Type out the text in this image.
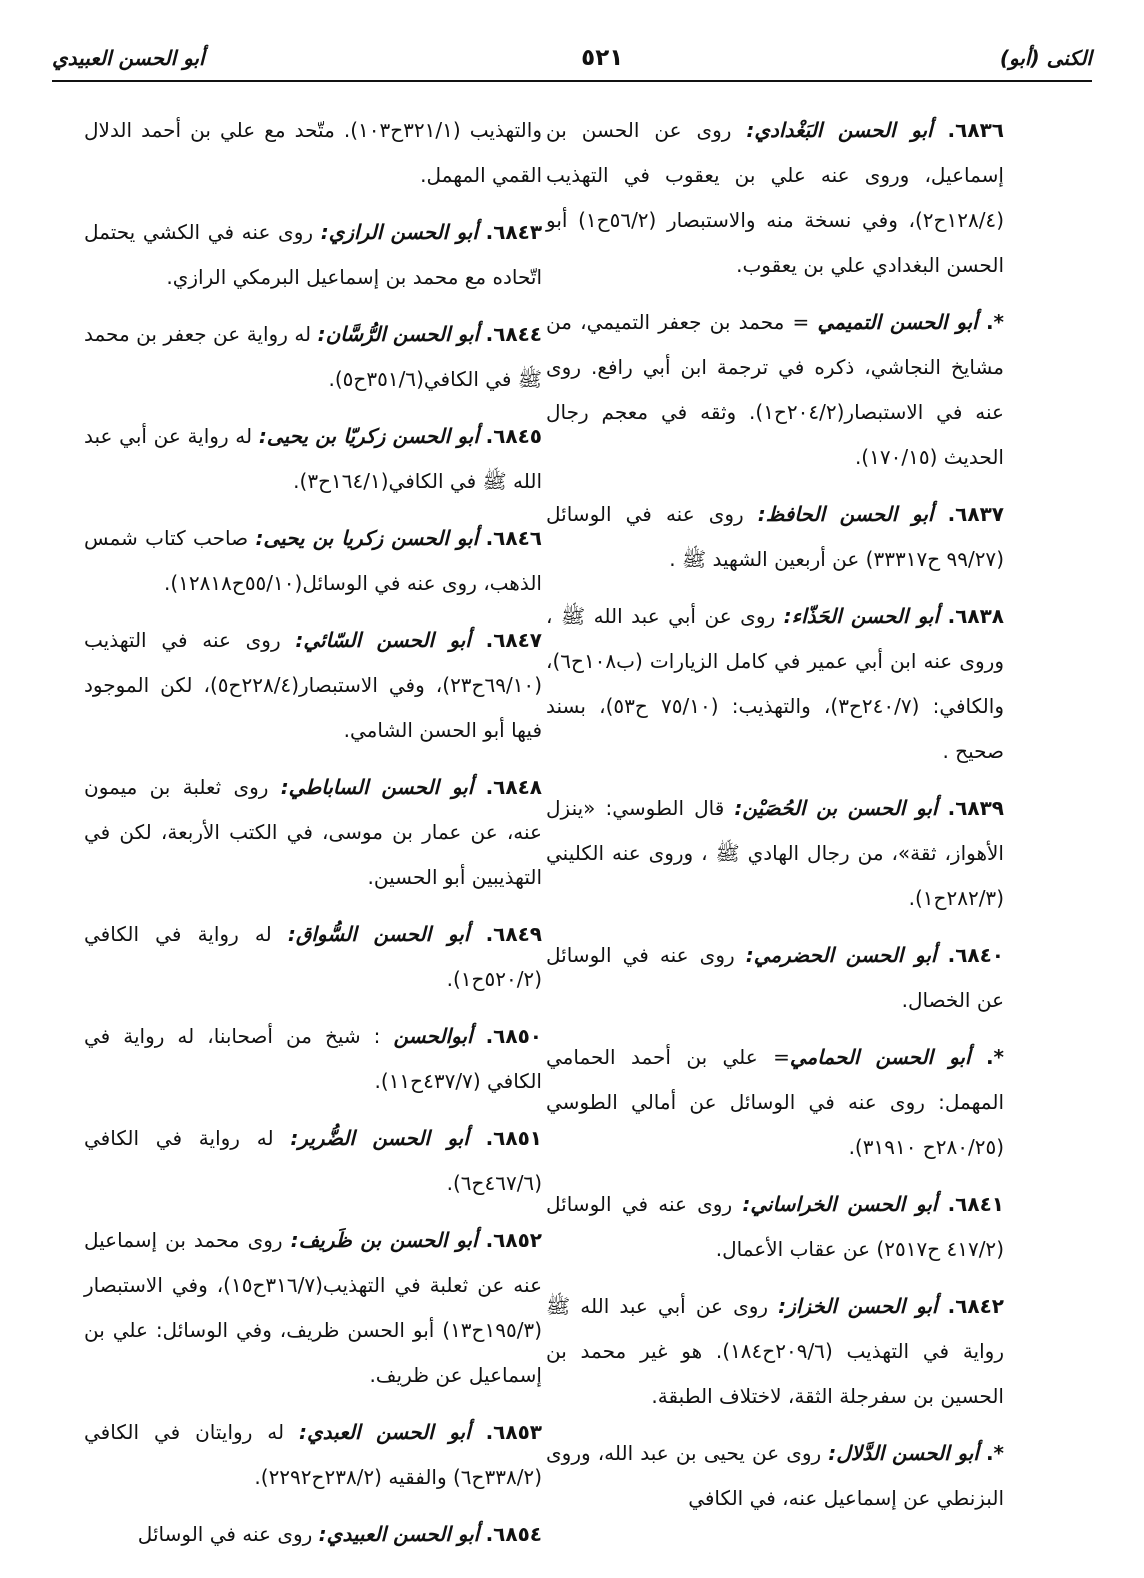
الكنى (أبو)
٥٢١
أبو الحسن العبيدي

٦٨٣٦. أبو الحسن البَغْدادي: روى عن الحسن بن إسماعيل، وروى عنه علي بن يعقوب في التهذيب (١٢٨/٤ح٢)، وفي نسخة منه والاستبصار (٥٦/٢ح١) أبو الحسن البغدادي علي بن يعقوب.

*. أبو الحسن التميمي = محمد بن جعفر التميمي، من مشايخ النجاشي، ذكره في ترجمة ابن أبي رافع. روى عنه في الاستبصار(٢٠٤/٢ح١). وثقه في معجم رجال الحديث (١٧٠/١٥).

٦٨٣٧. أبو الحسن الحافظ: روى عنه في الوسائل (٩٩/٢٧ ح٣٣٣١٧) عن أربعين الشهيد ﷺ .

٦٨٣٨. أبو الحسن الحَذّاء: روى عن أبي عبد الله ﷺ ، وروى عنه ابن أبي عمير في كامل الزيارات (ب١٠٨ح٦)، والكافي: (٢٤٠/٧ح٣)، والتهذيب: (٧٥/١٠ ح٥٣)، بسند صحيح .

٦٨٣٩. أبو الحسن بن الحُصَيْن: قال الطوسي: «ينزل الأهواز، ثقة»، من رجال الهادي ﷺ ، وروى عنه الكليني (٢٨٢/٣ح١).

٦٨٤٠. أبو الحسن الحضرمي: روى عنه في الوسائل عن الخصال.

*. أبو الحسن الحمامي= علي بن أحمد الحمامي المهمل: روى عنه في الوسائل عن أمالي الطوسي (٢٨٠/٢٥ح ٣١٩١٠).

٦٨٤١. أبو الحسن الخراساني: روى عنه في الوسائل (٤١٧/٢ ح٢٥١٧) عن عقاب الأعمال.

٦٨٤٢. أبو الحسن الخزاز: روى عن أبي عبد الله ﷺ رواية في التهذيب (٢٠٩/٦ح١٨٤). هو غير محمد بن الحسين بن سفرجلة الثقة، لاختلاف الطبقة.

*. أبو الحسن الدَّلال: روى عن يحيى بن عبد الله، وروى البزنطي عن إسماعيل عنه، في الكافي

والتهذيب (٣٢١/١ح١٠٣). متّحد مع علي بن أحمد الدلال القمي المهمل.

٦٨٤٣. أبو الحسن الرازي: روى عنه في الكشي يحتمل اتّحاده مع محمد بن إسماعيل البرمكي الرازي.

٦٨٤٤. أبو الحسن الرُّسَّان: له رواية عن جعفر بن محمد ﷺ في الكافي(٣٥١/٦ح٥).

٦٨٤٥. أبو الحسن زكريّا بن يحيى: له رواية عن أبي عبد الله ﷺ في الكافي(١٦٤/١ح٣).

٦٨٤٦. أبو الحسن زكريا بن يحيى: صاحب كتاب شمس الذهب، روى عنه في الوسائل(٥٥/١٠ح١٢٨١٨).

٦٨٤٧. أبو الحسن السّائي: روى عنه في التهذيب (٦٩/١٠ح٢٣)، وفي الاستبصار(٢٢٨/٤ح٥)، لكن الموجود فيها أبو الحسن الشامي.

٦٨٤٨. أبو الحسن الساباطي: روى ثعلبة بن ميمون عنه، عن عمار بن موسى، في الكتب الأربعة، لكن في التهذيبين أبو الحسين.

٦٨٤٩. أبو الحسن السُّواق: له رواية في الكافي (٥٢٠/٢ح١).

٦٨٥٠. أبوالحسن : شيخ من أصحابنا، له رواية في الكافي (٤٣٧/٧ح١١).

٦٨٥١. أبو الحسن الضُّرير: له رواية في الكافي (٤٦٧/٦ح٦).

٦٨٥٢. أبو الحسن بن ظَريف: روى محمد بن إسماعيل عنه عن ثعلبة في التهذيب(٣١٦/٧ح١٥)، وفي الاستبصار (١٩٥/٣ح١٣) أبو الحسن ظريف، وفي الوسائل: علي بن إسماعيل عن ظريف.

٦٨٥٣. أبو الحسن العبدي: له روايتان في الكافي (٣٣٨/٢ح٦) والفقيه (٢٣٨/٢ح٢٢٩٢).

٦٨٥٤. أبو الحسن العبيدي: روى عنه في الوسائل
